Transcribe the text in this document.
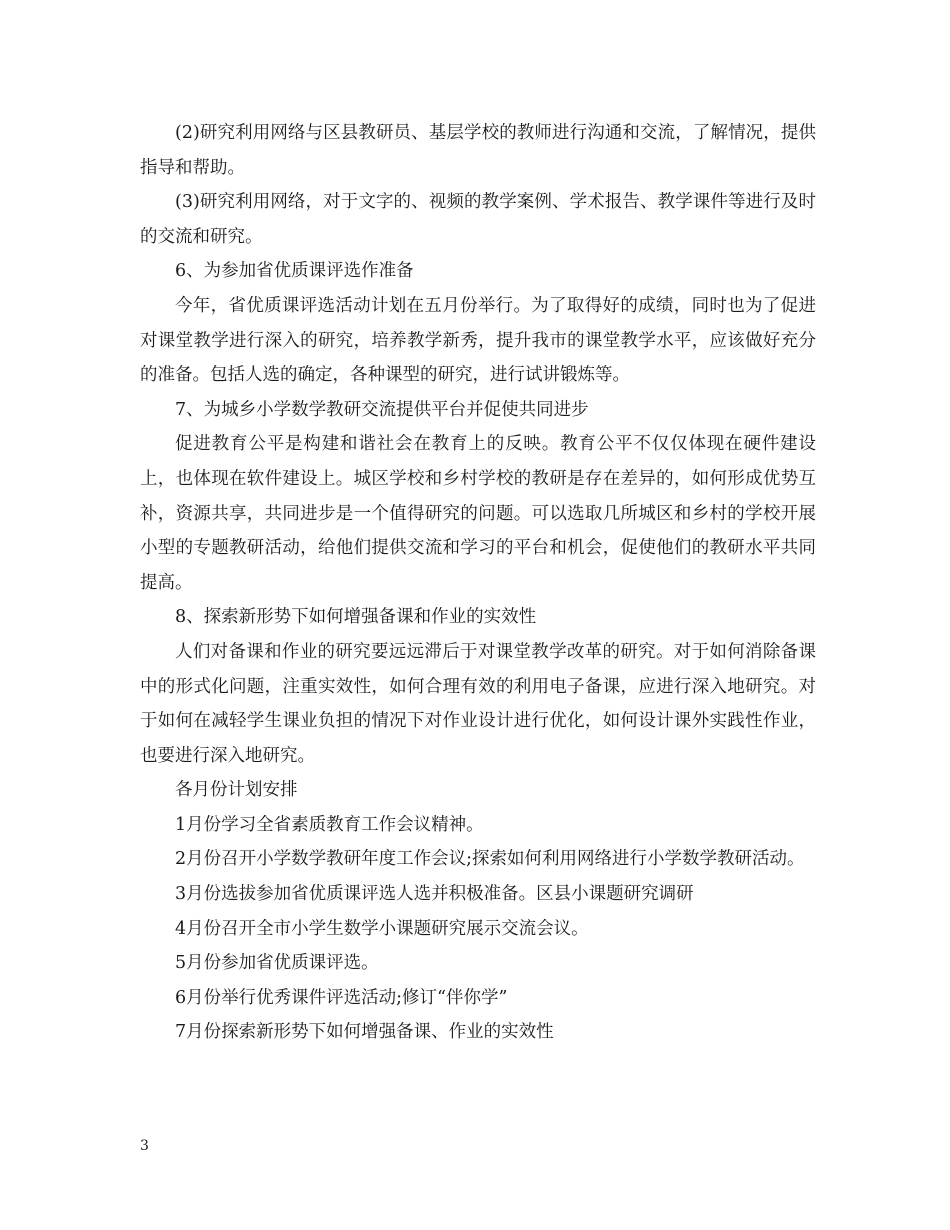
(2)研究利用网络与区县教研员、基层学校的教师进行沟通和交流，了解情况，提供指导和帮助。

(3)研究利用网络，对于文字的、视频的教学案例、学术报告、教学课件等进行及时的交流和研究。

6、为参加省优质课评选作准备

今年，省优质课评选活动计划在五月份举行。为了取得好的成绩，同时也为了促进对课堂教学进行深入的研究，培养教学新秀，提升我市的课堂教学水平，应该做好充分的准备。包括人选的确定，各种课型的研究，进行试讲锻炼等。

7、为城乡小学数学教研交流提供平台并促使共同进步

促进教育公平是构建和谐社会在教育上的反映。教育公平不仅仅体现在硬件建设上，也体现在软件建设上。城区学校和乡村学校的教研是存在差异的，如何形成优势互补，资源共享，共同进步是一个值得研究的问题。可以选取几所城区和乡村的学校开展小型的专题教研活动，给他们提供交流和学习的平台和机会，促使他们的教研水平共同提高。

8、探索新形势下如何增强备课和作业的实效性

人们对备课和作业的研究要远远滞后于对课堂教学改革的研究。对于如何消除备课中的形式化问题，注重实效性，如何合理有效的利用电子备课，应进行深入地研究。对于如何在减轻学生课业负担的情况下对作业设计进行优化，如何设计课外实践性作业，也要进行深入地研究。

各月份计划安排

1月份学习全省素质教育工作会议精神。

2月份召开小学数学教研年度工作会议;探索如何利用网络进行小学数学教研活动。

3月份选拔参加省优质课评选人选并积极准备。区县小课题研究调研

4月份召开全市小学生数学小课题研究展示交流会议。

5月份参加省优质课评选。

6月份举行优秀课件评选活动;修订“伴你学”

7月份探索新形势下如何增强备课、作业的实效性

3
